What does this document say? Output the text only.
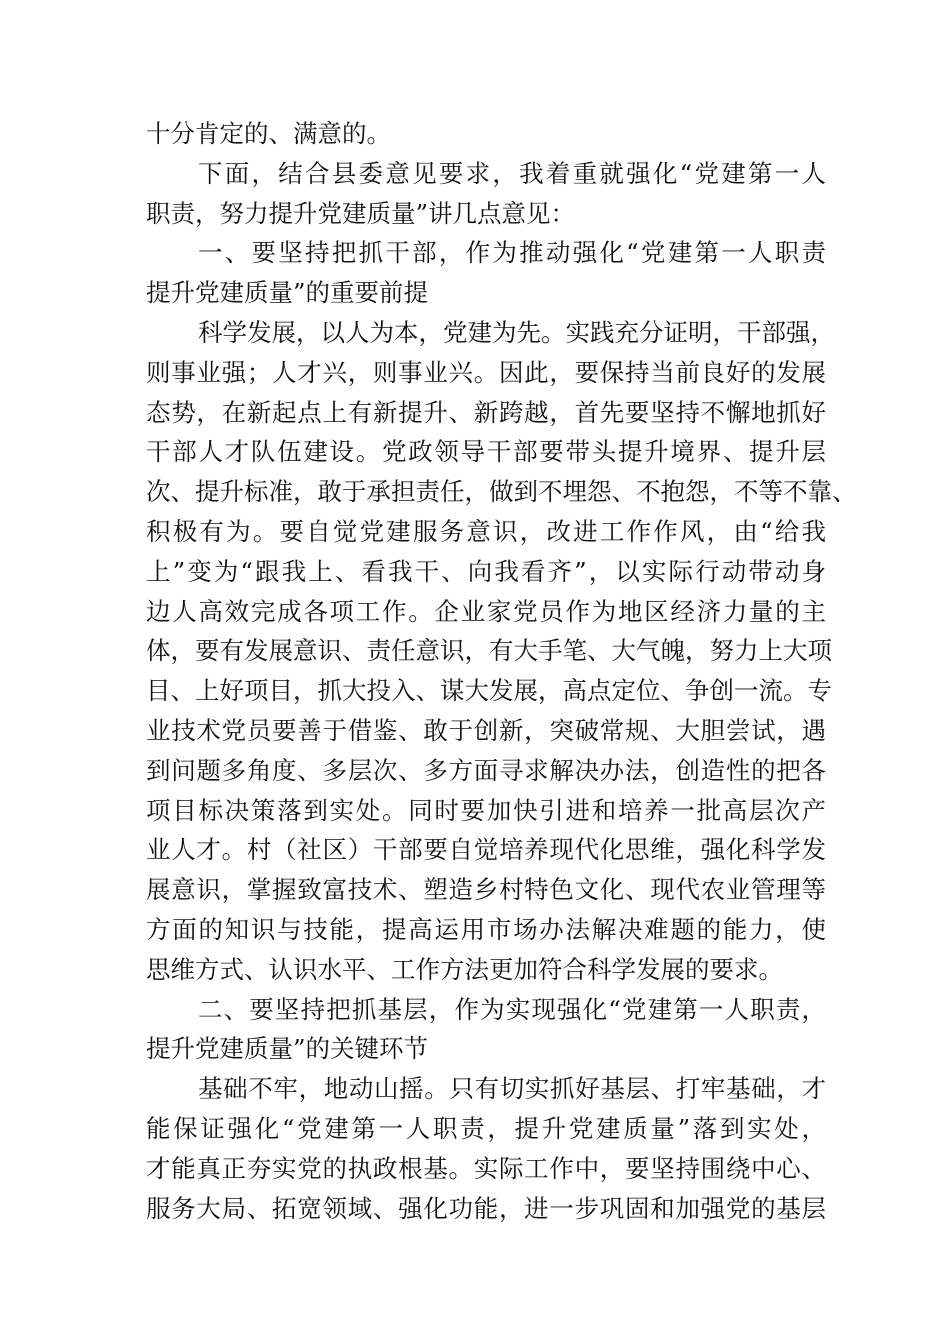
十分肯定的、满意的。
下面，结合县委意见要求，我着重就强化“党建第一人
职责，努力提升党建质量”讲几点意见：
一、要坚持把抓干部，作为推动强化“党建第一人职责
提升党建质量”的重要前提
科学发展，以人为本，党建为先。实践充分证明，干部强，
则事业强；人才兴，则事业兴。因此，要保持当前良好的发展
态势，在新起点上有新提升、新跨越，首先要坚持不懈地抓好
干部人才队伍建设。党政领导干部要带头提升境界、提升层
次、提升标准，敢于承担责任，做到不埋怨、不抱怨，不等不靠、
积极有为。要自觉党建服务意识，改进工作作风，由“给我
上”变为“跟我上、看我干、向我看齐”，以实际行动带动身
边人高效完成各项工作。企业家党员作为地区经济力量的主
体，要有发展意识、责任意识，有大手笔、大气魄，努力上大项
目、上好项目，抓大投入、谋大发展，高点定位、争创一流。专
业技术党员要善于借鉴、敢于创新，突破常规、大胆尝试，遇
到问题多角度、多层次、多方面寻求解决办法，创造性的把各
项目标决策落到实处。同时要加快引进和培养一批高层次产
业人才。村（社区）干部要自觉培养现代化思维，强化科学发
展意识，掌握致富技术、塑造乡村特色文化、现代农业管理等
方面的知识与技能，提高运用市场办法解决难题的能力，使
思维方式、认识水平、工作方法更加符合科学发展的要求。
二、要坚持把抓基层，作为实现强化“党建第一人职责，
提升党建质量”的关键环节
基础不牢，地动山摇。只有切实抓好基层、打牢基础，才
能保证强化“党建第一人职责，提升党建质量”落到实处，
才能真正夯实党的执政根基。实际工作中，要坚持围绕中心、
服务大局、拓宽领域、强化功能，进一步巩固和加强党的基层
